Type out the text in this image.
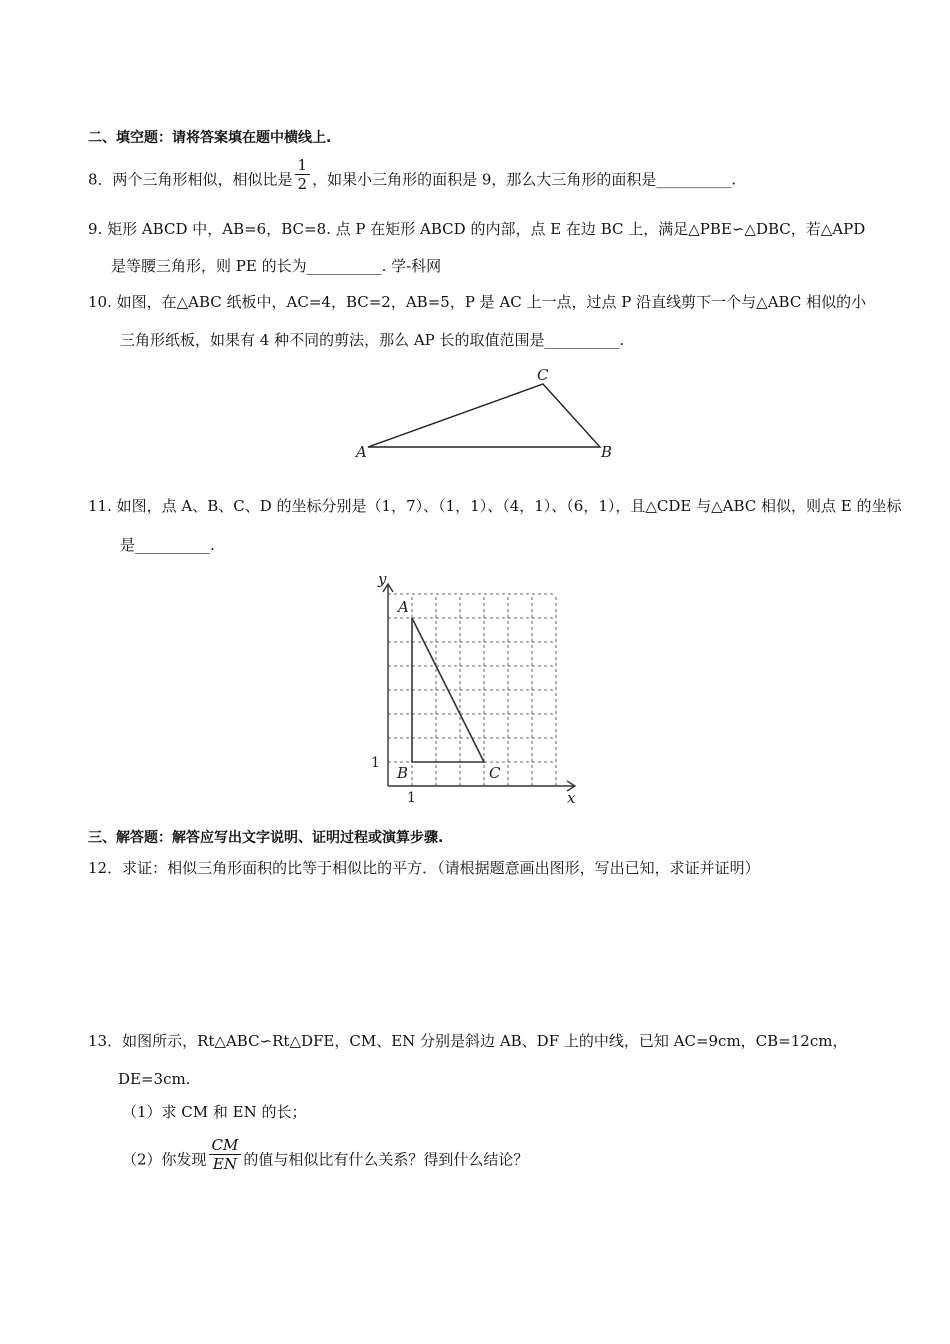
二、填空题：请将答案填在题中横线上.
8．两个三角形相似，相似比是 $\frac{1}{2}$ ，如果小三角形的面积是 9，那么大三角形的面积是__________.
9. 矩形 ABCD 中，AB=6，BC=8. 点 P 在矩形 ABCD 的内部，点 E 在边 BC 上，满足△PBE∽△DBC，若△APD
是等腰三角形，则 PE 的长为__________. 学-科网
10. 如图，在△ABC 纸板中，AC=4，BC=2，AB=5，P 是 AC 上一点，过点 P 沿直线剪下一个与△ABC 相似的小
三角形纸板，如果有 4 种不同的剪法，那么 AP 长的取值范围是__________.
A	B
C
11. 如图，点 A、B、C、D 的坐标分别是（1，7）、（1，1）、（4，1）、（6，1），且△CDE 与△ABC 相似，则点 E 的坐标
是__________.
x
y
1
1
A
B	C
三、解答题：解答应写出文字说明、证明过程或演算步骤.
12．求证：相似三角形面积的比等于相似比的平方．（请根据题意画出图形，写出已知，求证并证明）
13．如图所示，Rt△ABC∽Rt△DFE，CM、EN 分别是斜边 AB、DF 上的中线，已知 AC=9cm，CB=12cm，
DE=3cm.
（1）求 CM 和 EN 的长；
（2）你发现 $\frac{CM}{EN}$ 的值与相似比有什么关系？得到什么结论？
